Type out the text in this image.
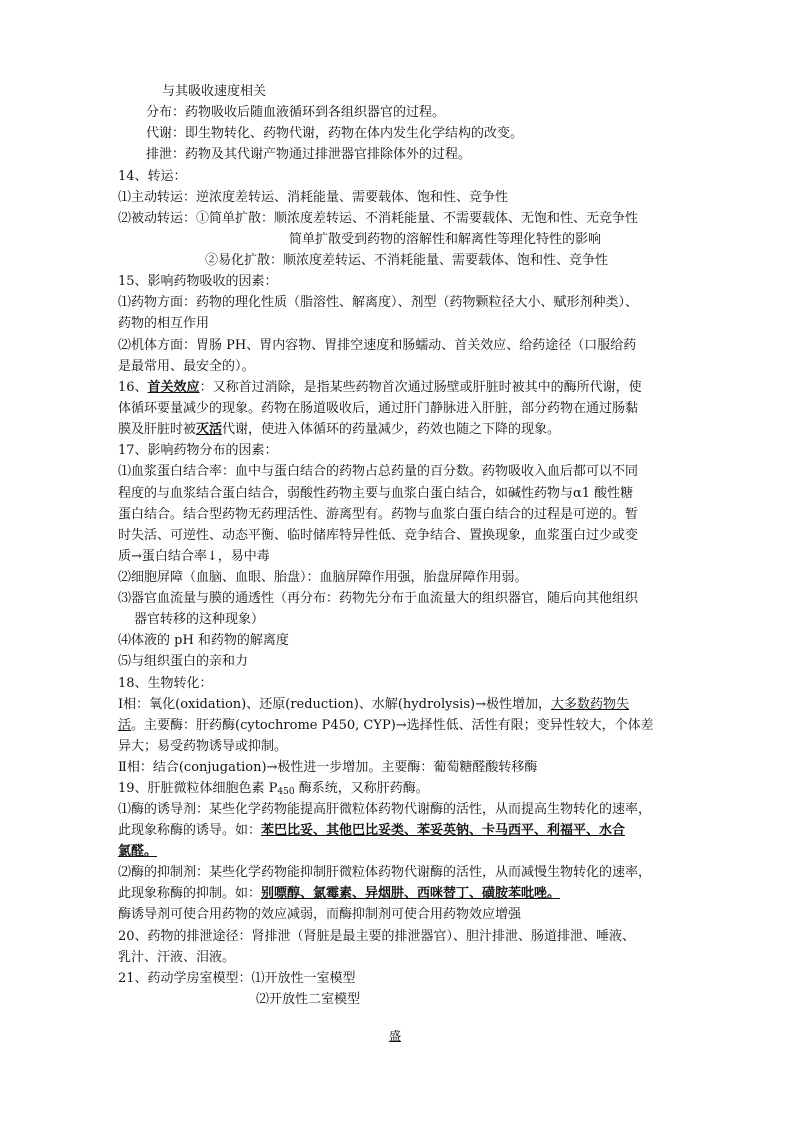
与其吸收速度相关
分布：药物吸收后随血液循环到各组织器官的过程。
代谢：即生物转化、药物代谢，药物在体内发生化学结构的改变。
排泄：药物及其代谢产物通过排泄器官排除体外的过程。
14、转运：
⑴主动转运：逆浓度差转运、消耗能量、需要载体、饱和性、竞争性
⑵被动转运：①简单扩散：顺浓度差转运、不消耗能量、不需要载体、无饱和性、无竞争性
简单扩散受到药物的溶解性和解离性等理化特性的影响
②易化扩散：顺浓度差转运、不消耗能量、需要载体、饱和性、竞争性
15、影响药物吸收的因素：
⑴药物方面：药物的理化性质（脂溶性、解离度）、剂型（药物颗粒径大小、赋形剂种类）、
药物的相互作用
⑵机体方面：胃肠 PH、胃内容物、胃排空速度和肠蠕动、首关效应、给药途径（口服给药
是最常用、最安全的）。
16、首关效应：又称首过消除，是指某些药物首次通过肠壁或肝脏时被其中的酶所代谢，使
体循环要量减少的现象。药物在肠道吸收后，通过肝门静脉进入肝脏，部分药物在通过肠黏
膜及肝脏时被灭活代谢，使进入体循环的药量减少，药效也随之下降的现象。
17、影响药物分布的因素：
⑴血浆蛋白结合率：血中与蛋白结合的药物占总药量的百分数。药物吸收入血后都可以不同
程度的与血浆结合蛋白结合，弱酸性药物主要与血浆白蛋白结合，如碱性药物与α1 酸性糖
蛋白结合。结合型药物无药理活性、游离型有。药物与血浆白蛋白结合的过程是可逆的。暂
时失活、可逆性、动态平衡、临时储库特异性低、竞争结合、置换现象，血浆蛋白过少或变
质→蛋白结合率↓，易中毒
⑵细胞屏障（血脑、血眼、胎盘）：血脑屏障作用强，胎盘屏障作用弱。
⑶器官血流量与膜的通透性（再分布：药物先分布于血流量大的组织器官，随后向其他组织
器官转移的这种现象）
⑷体液的 pH 和药物的解离度
⑸与组织蛋白的亲和力
18、生物转化：
Ⅰ相：氧化(oxidation)、还原(reduction)、水解(hydrolysis)→极性增加，大多数药物失
活。主要酶：肝药酶(cytochrome P450, CYP)→选择性低、活性有限；变异性较大，个体差
异大；易受药物诱导或抑制。
Ⅱ相：结合(conjugation)→极性进一步增加。主要酶：葡萄糖醛酸转移酶
19、肝脏微粒体细胞色素 $P_{450}$ 酶系统，又称肝药酶。
⑴酶的诱导剂：某些化学药物能提高肝微粒体药物代谢酶的活性，从而提高生物转化的速率，
此现象称酶的诱导。如：苯巴比妥、其他巴比妥类、苯妥英钠、卡马西平、利福平、水合
氯醛。
⑵酶的抑制剂：某些化学药物能抑制肝微粒体药物代谢酶的活性，从而减慢生物转化的速率，
此现象称酶的抑制。如：别嘌醇、氯霉素、异烟肼、西咪替丁、磺胺苯吡唑。
酶诱导剂可使合用药物的效应减弱，而酶抑制剂可使合用药物效应增强
20、药物的排泄途径：肾排泄（肾脏是最主要的排泄器官）、胆汁排泄、肠道排泄、唾液、
乳汁、汗液、泪液。
21、药动学房室模型：⑴开放性一室模型
⑵开放性二室模型
盛
